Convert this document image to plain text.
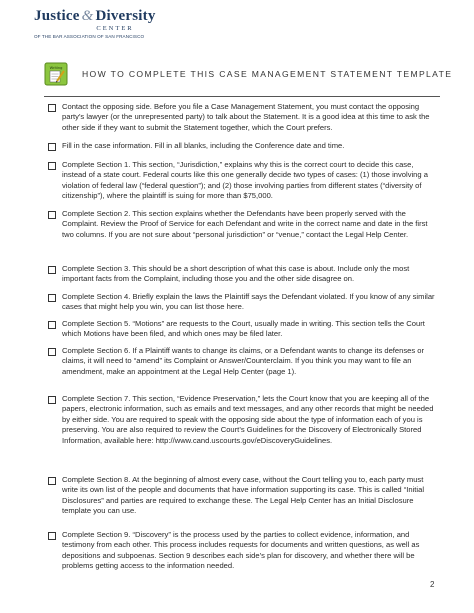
Justice & Diversity
CENTER
OF THE BAR ASSOCIATION OF SAN FRANCISCO
Writing
HOW TO COMPLETE THIS CASE MANAGEMENT STATEMENT TEMPLATE
Contact the opposing side. Before you file a Case Management Statement, you must contact the opposing party’s lawyer (or the unrepresented party) to talk about the Statement. It is a good idea at this time to ask the other side if they want to submit the Statement together, which the Court prefers.
Fill in the case information. Fill in all blanks, including the Conference date and time.
Complete Section 1. This section, “Jurisdiction,” explains why this is the correct court to decide this case, instead of a state court. Federal courts like this one generally decide two types of cases: (1) those involving a violation of federal law (“federal question”); and (2) those involving parties from different states (“diversity of citizenship”), where the plaintiff is suing for more than $75,000.
Complete Section 2. This section explains whether the Defendants have been properly served with the Complaint. Review the Proof of Service for each Defendant and write in the correct name and date in the first two columns. If you are not sure about “personal jurisdiction” or “venue,” contact the Legal Help Center.
Complete Section 3. This should be a short description of what this case is about. Include only the most important facts from the Complaint, including those you and the other side disagree on.
Complete Section 4. Briefly explain the laws the Plaintiff says the Defendant violated. If you know of any similar cases that might help you win, you can list those here.
Complete Section 5. “Motions” are requests to the Court, usually made in writing. This section tells the Court which Motions have been filed, and which ones may be filed later.
Complete Section 6. If a Plaintiff wants to change its claims, or a Defendant wants to change its defenses or claims, it will need to “amend” its Complaint or Answer/Counterclaim. If you think you may want to file an amendment, make an appointment at the Legal Help Center (page 1).
Complete Section 7. This section, “Evidence Preservation,” lets the Court know that you are keeping all of the papers, electronic information, such as emails and text messages, and any other records that might be needed by either side. You are required to speak with the opposing side about the type of information each of you is preserving. You are also required to review the Court’s Guidelines for the Discovery of Electronically Stored Information, available here: http://www.cand.uscourts.gov/eDiscoveryGuidelines.
Complete Section 8. At the beginning of almost every case, without the Court telling you to, each party must write its own list of the people and documents that have information supporting its case. This is called “Initial Disclosures” and parties are required to exchange these. The Legal Help Center has an Initial Disclosure template you can use.
Complete Section 9. “Discovery” is the process used by the parties to collect evidence, information, and testimony from each other. This process includes requests for documents and written questions, as well as depositions and subpoenas. Section 9 describes each side’s plan for discovery, and whether there will be problems getting access to the information needed.
2
